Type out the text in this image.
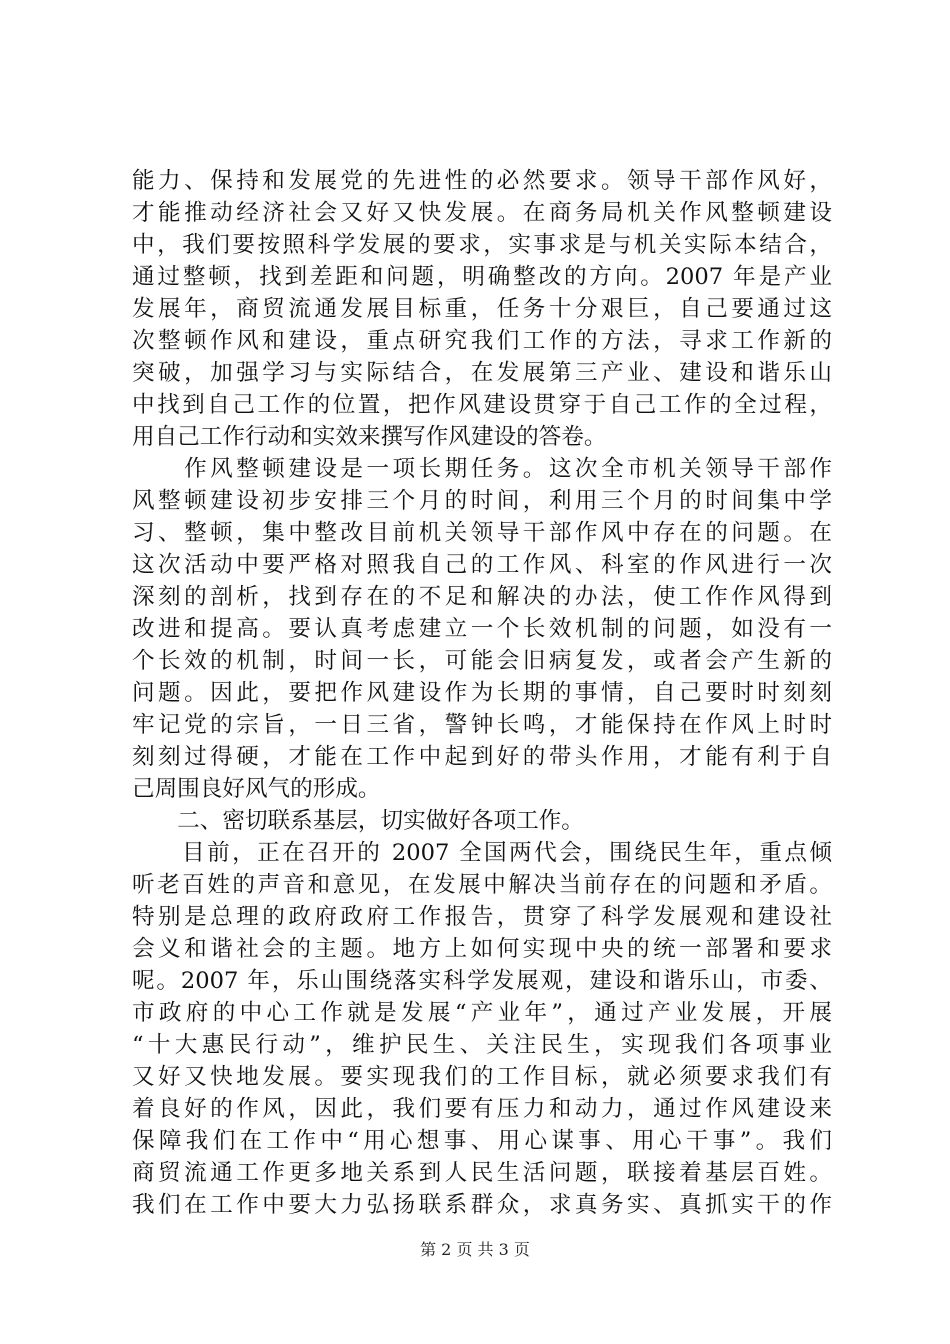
能力、保持和发展党的先进性的必然要求。领导干部作风好，
才能推动经济社会又好又快发展。在商务局机关作风整顿建设
中，我们要按照科学发展的要求，实事求是与机关实际本结合，
通过整顿，找到差距和问题，明确整改的方向。2007 年是产业
发展年，商贸流通发展目标重，任务十分艰巨，自己要通过这
次整顿作风和建设，重点研究我们工作的方法，寻求工作新的
突破，加强学习与实际结合，在发展第三产业、建设和谐乐山
中找到自己工作的位置，把作风建设贯穿于自己工作的全过程，
用自己工作行动和实效来撰写作风建设的答卷。
　　作风整顿建设是一项长期任务。这次全市机关领导干部作
风整顿建设初步安排三个月的时间，利用三个月的时间集中学
习、整顿，集中整改目前机关领导干部作风中存在的问题。在
这次活动中要严格对照我自己的工作风、科室的作风进行一次
深刻的剖析，找到存在的不足和解决的办法，使工作作风得到
改进和提高。要认真考虑建立一个长效机制的问题，如没有一
个长效的机制，时间一长，可能会旧病复发，或者会产生新的
问题。因此，要把作风建设作为长期的事情，自己要时时刻刻
牢记党的宗旨，一日三省，警钟长鸣，才能保持在作风上时时
刻刻过得硬，才能在工作中起到好的带头作用，才能有利于自
己周围良好风气的形成。
　　二、密切联系基层，切实做好各项工作。
　　目前，正在召开的 2007 全国两代会，围绕民生年，重点倾
听老百姓的声音和意见，在发展中解决当前存在的问题和矛盾。
特别是总理的政府政府工作报告，贯穿了科学发展观和建设社
会义和谐社会的主题。地方上如何实现中央的统一部署和要求
呢。2007 年，乐山围绕落实科学发展观，建设和谐乐山，市委、
市政府的中心工作就是发展“产业年”，通过产业发展，开展
“十大惠民行动”，维护民生、关注民生，实现我们各项事业
又好又快地发展。要实现我们的工作目标，就必须要求我们有
着良好的作风，因此，我们要有压力和动力，通过作风建设来
保障我们在工作中“用心想事、用心谋事、用心干事”。我们
商贸流通工作更多地关系到人民生活问题，联接着基层百姓。
我们在工作中要大力弘扬联系群众，求真务实、真抓实干的作
第 2 页 共 3 页
